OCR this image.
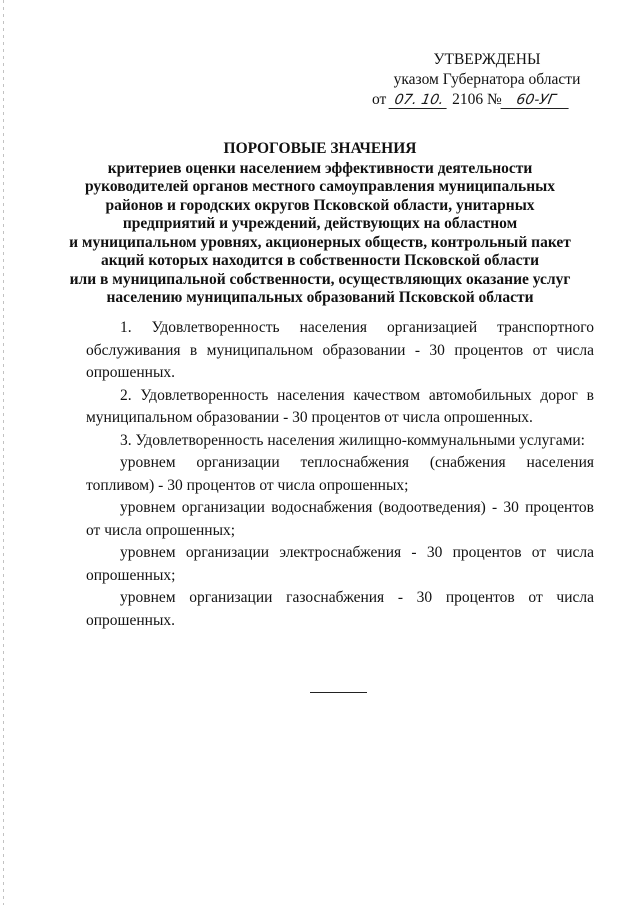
УТВЕРЖДЕНЫ
указом Губернатора области
от 07. 10. 2106 № 60-УГ
ПОРОГОВЫЕ ЗНАЧЕНИЯ
критериев оценки населением эффективности деятельности
руководителей органов местного самоуправления муниципальных
районов и городских округов Псковской области, унитарных
предприятий и учреждений, действующих на областном
и муниципальном уровнях, акционерных обществ, контрольный пакет
акций которых находится в собственности Псковской области
или в муниципальной собственности, осуществляющих оказание услуг
населению муниципальных образований Псковской области

1. Удовлетворенность населения организацией транспортного обслуживания в муниципальном образовании - 30 процентов от числа опрошенных.

2. Удовлетворенность населения качеством автомобильных дорог в муниципальном образовании - 30 процентов от числа опрошенных.

3. Удовлетворенность населения жилищно-коммунальными услугами:

уровнем организации теплоснабжения (снабжения населения топливом) - 30 процентов от числа опрошенных;

уровнем организации водоснабжения (водоотведения) - 30 процентов от числа опрошенных;

уровнем организации электроснабжения - 30 процентов от числа опрошенных;

уровнем организации газоснабжения - 30 процентов от числа опрошенных.
